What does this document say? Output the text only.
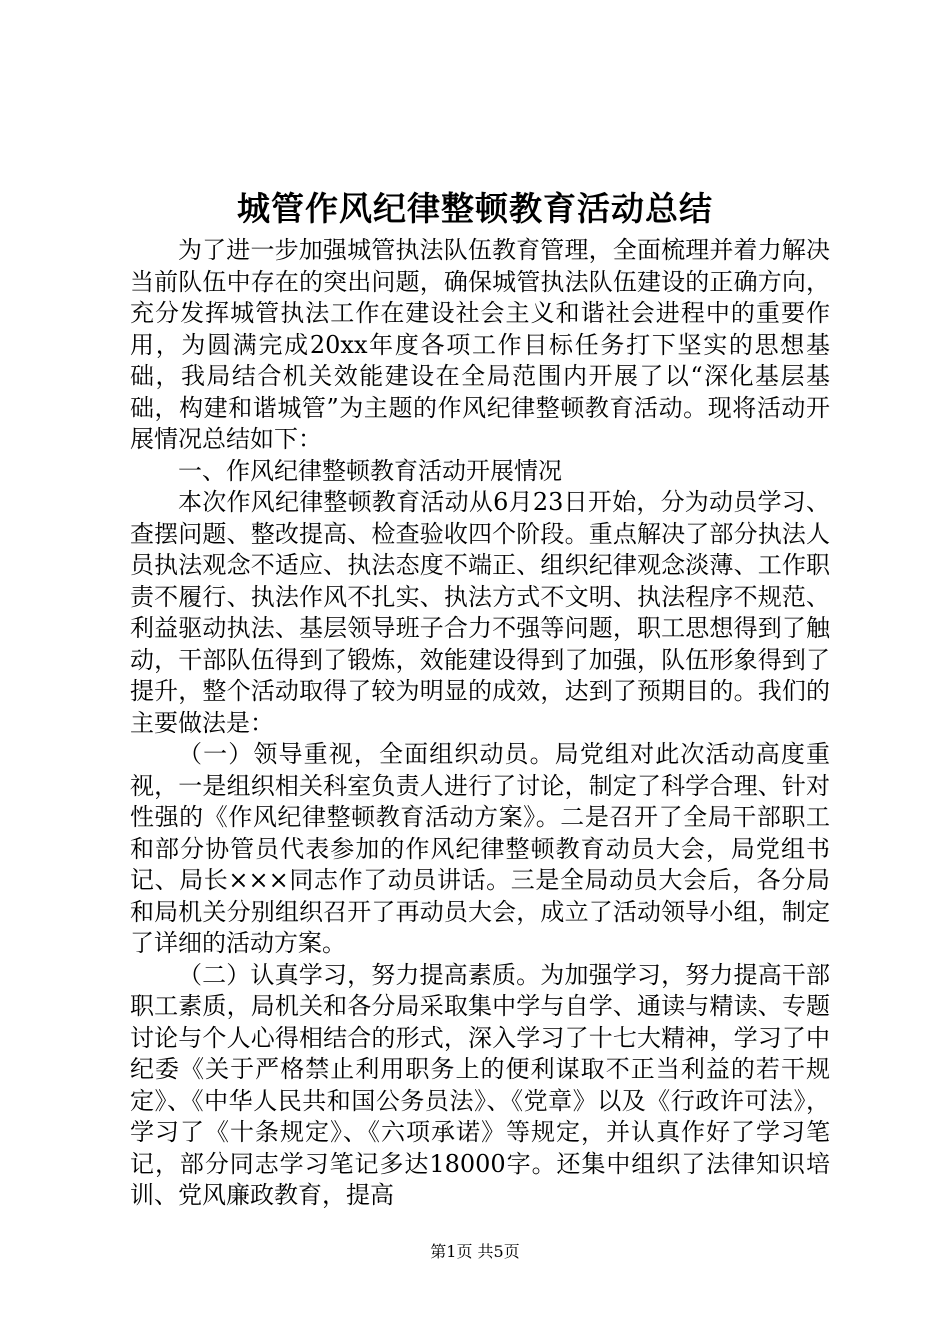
城管作风纪律整顿教育活动总结

为了进一步加强城管执法队伍教育管理，全面梳理并着力解决当前队伍中存在的突出问题，确保城管执法队伍建设的正确方向，充分发挥城管执法工作在建设社会主义和谐社会进程中的重要作用，为圆满完成20xx年度各项工作目标任务打下坚实的思想基础，我局结合机关效能建设在全局范围内开展了以“深化基层基础，构建和谐城管”为主题的作风纪律整顿教育活动。现将活动开展情况总结如下：

一、作风纪律整顿教育活动开展情况

本次作风纪律整顿教育活动从6月23日开始，分为动员学习、查摆问题、整改提高、检查验收四个阶段。重点解决了部分执法人员执法观念不适应、执法态度不端正、组织纪律观念淡薄、工作职责不履行、执法作风不扎实、执法方式不文明、执法程序不规范、利益驱动执法、基层领导班子合力不强等问题，职工思想得到了触动，干部队伍得到了锻炼，效能建设得到了加强，队伍形象得到了提升，整个活动取得了较为明显的成效，达到了预期目的。我们的主要做法是：

（一）领导重视，全面组织动员。局党组对此次活动高度重视，一是组织相关科室负责人进行了讨论，制定了科学合理、针对性强的《作风纪律整顿教育活动方案》。二是召开了全局干部职工和部分协管员代表参加的作风纪律整顿教育动员大会，局党组书记、局长×××同志作了动员讲话。三是全局动员大会后，各分局和局机关分别组织召开了再动员大会，成立了活动领导小组，制定了详细的活动方案。

（二）认真学习，努力提高素质。为加强学习，努力提高干部职工素质，局机关和各分局采取集中学与自学、通读与精读、专题讨论与个人心得相结合的形式，深入学习了十七大精神，学习了中纪委《关于严格禁止利用职务上的便利谋取不正当利益的若干规定》、《中华人民共和国公务员法》、《党章》以及《行政许可法》，学习了《十条规定》、《六项承诺》等规定，并认真作好了学习笔记，部分同志学习笔记多达18000字。还集中组织了法律知识培训、党风廉政教育，提高

第1页 共5页
